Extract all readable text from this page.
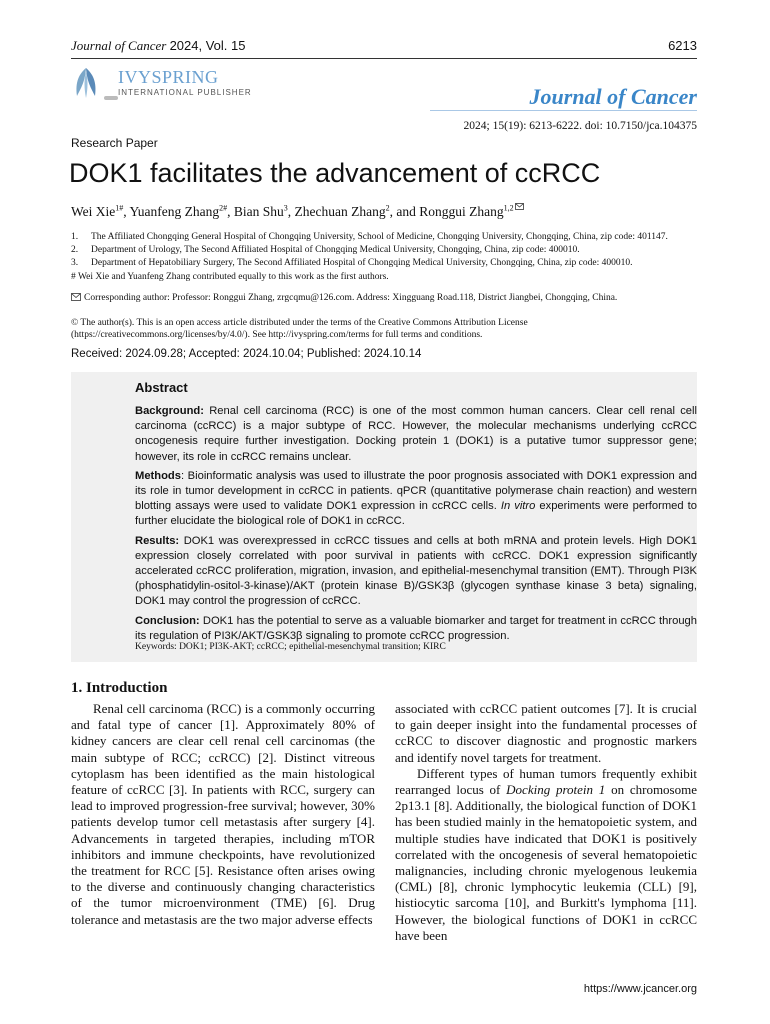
Journal of Cancer 2024, Vol. 15	6213
IVYSPRING
INTERNATIONAL PUBLISHER	Journal of Cancer
2024; 15(19): 6213-6222. doi: 10.7150/jca.104375
Research Paper
DOK1 facilitates the advancement of ccRCC
Wei Xie$^{1\#}$, Yuanfeng Zhang$^{2\#}$, Bian Shu$^3$, Zhechuan Zhang$^2$, and Ronggui Zhang$^{1,2}$
1.	The Affiliated Chongqing General Hospital of Chongqing University, School of Medicine, Chongqing University, Chongqing, China, zip code: 401147.
2.	Department of Urology, The Second Affiliated Hospital of Chongqing Medical University, Chongqing, China, zip code: 400010.
3.	Department of Hepatobiliary Surgery, The Second Affiliated Hospital of Chongqing Medical University, Chongqing, China, zip code: 400010.
# Wei Xie and Yuanfeng Zhang contributed equally to this work as the first authors.
Corresponding author: Professor: Ronggui Zhang, zrgcqmu@126.com. Address: Xingguang Road.118, District Jiangbei, Chongqing, China.
© The author(s). This is an open access article distributed under the terms of the Creative Commons Attribution License (https://creativecommons.org/licenses/by/4.0/). See http://ivyspring.com/terms for full terms and conditions.
Received: 2024.09.28; Accepted: 2024.10.04; Published: 2024.10.14
Abstract

Background: Renal cell carcinoma (RCC) is one of the most common human cancers. Clear cell renal cell carcinoma (ccRCC) is a major subtype of RCC. However, the molecular mechanisms underlying ccRCC oncogenesis require further investigation. Docking protein 1 (DOK1) is a putative tumor suppressor gene; however, its role in ccRCC remains unclear.

Methods: Bioinformatic analysis was used to illustrate the poor prognosis associated with DOK1 expression and its role in tumor development in ccRCC in patients. qPCR (quantitative polymerase chain reaction) and western blotting assays were used to validate DOK1 expression in ccRCC cells. In vitro experiments were performed to further elucidate the biological role of DOK1 in ccRCC.

Results: DOK1 was overexpressed in ccRCC tissues and cells at both mRNA and protein levels. High DOK1 expression closely correlated with poor survival in patients with ccRCC. DOK1 expression significantly accelerated ccRCC proliferation, migration, invasion, and epithelial-mesenchymal transition (EMT). Through PI3K (phosphatidylin-ositol-3-kinase)/AKT (protein kinase B)/GSK3β (glycogen synthase kinase 3 beta) signaling, DOK1 may control the progression of ccRCC.

Conclusion: DOK1 has the potential to serve as a valuable biomarker and target for treatment in ccRCC through its regulation of PI3K/AKT/GSK3β signaling to promote ccRCC progression.

Keywords: DOK1; PI3K-AKT; ccRCC; epithelial-mesenchymal transition; KIRC
1. Introduction

Renal cell carcinoma (RCC) is a commonly occurring and fatal type of cancer [1]. Approximately 80% of kidney cancers are clear cell renal cell carcinomas (the main subtype of RCC; ccRCC) [2]. Distinct vitreous cytoplasm has been identified as the main histological feature of ccRCC [3]. In patients with RCC, surgery can lead to improved progression-free survival; however, 30% patients develop tumor cell metastasis after surgery [4]. Advancements in targeted therapies, including mTOR inhibitors and immune checkpoints, have revolutionized the treatment for RCC [5]. Resistance often arises owing to the diverse and continuously changing characteristics of the tumor microenvironment (TME) [6]. Drug tolerance and metastasis are the two major adverse effects

associated with ccRCC patient outcomes [7]. It is crucial to gain deeper insight into the fundamental processes of ccRCC to discover diagnostic and prognostic markers and identify novel targets for treatment.

Different types of human tumors frequently exhibit rearranged locus of Docking protein 1 on chromosome 2p13.1 [8]. Additionally, the biological function of DOK1 has been studied mainly in the hematopoietic system, and multiple studies have indicated that DOK1 is positively correlated with the oncogenesis of several hematopoietic malignancies, including chronic myelogenous leukemia (CML) [8], chronic lymphocytic leukemia (CLL) [9], histiocytic sarcoma [10], and Burkitt's lymphoma [11]. However, the biological functions of DOK1 in ccRCC have been

https://www.jcancer.org
